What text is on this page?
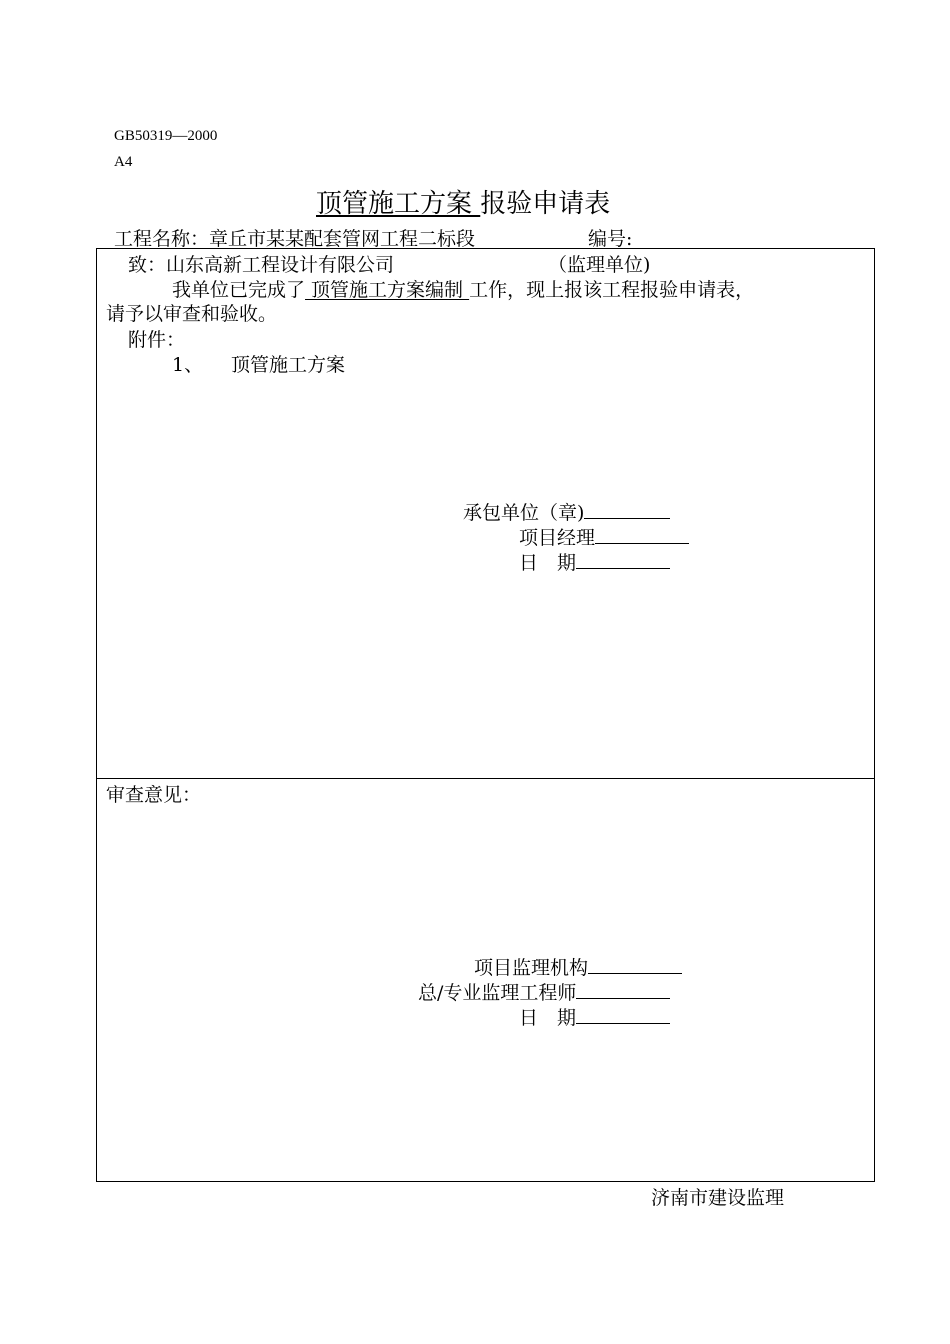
GB50319—2000
A4
顶管施工方案 报验申请表
工程名称：章丘市某某配套管网工程二标段	编号:
致：山东高新工程设计有限公司	（监理单位)
我单位已完成了 顶管施工方案编制 工作，现上报该工程报验申请表，
请予以审查和验收。
附件：
1、 顶管施工方案
承包单位（章)
项目经理
日　期
审查意见：
项目监理机构
总/专业监理工程师
日　期
济南市建设监理
